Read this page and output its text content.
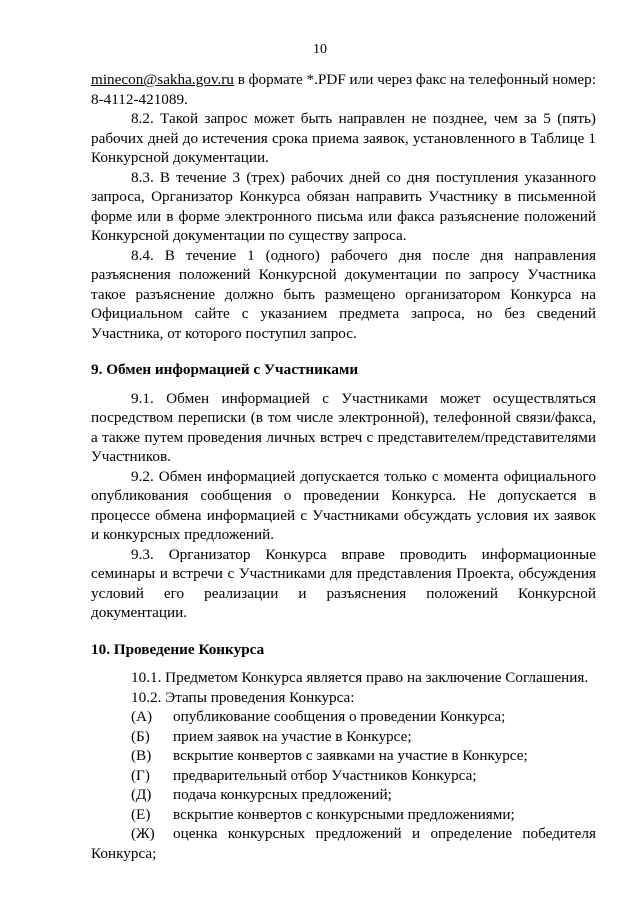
10

minecon@sakha.gov.ru в формате *.PDF или через факс на телефонный номер: 8-4112-421089.

8.2. Такой запрос может быть направлен не позднее, чем за 5 (пять) рабочих дней до истечения срока приема заявок, установленного в Таблице 1 Конкурсной документации.

8.3. В течение 3 (трех) рабочих дней со дня поступления указанного запроса, Организатор Конкурса обязан направить Участнику в письменной форме или в форме электронного письма или факса разъяснение положений Конкурсной документации по существу запроса.

8.4. В течение 1 (одного) рабочего дня после дня направления разъяснения положений Конкурсной документации по запросу Участника такое разъяснение должно быть размещено организатором Конкурса на Официальном сайте с указанием предмета запроса, но без сведений Участника, от которого поступил запрос.

9. Обмен информацией с Участниками

9.1. Обмен информацией с Участниками может осуществляться посредством переписки (в том числе электронной), телефонной связи/факса, а также путем проведения личных встреч с представителем/представителями Участников.

9.2. Обмен информацией допускается только с момента официального опубликования сообщения о проведении Конкурса. Не допускается в процессе обмена информацией с Участниками обсуждать условия их заявок и конкурсных предложений.

9.3. Организатор Конкурса вправе проводить информационные семинары и встречи с Участниками для представления Проекта, обсуждения условий его реализации и разъяснения положений Конкурсной документации.

10. Проведение Конкурса

10.1. Предметом Конкурса является право на заключение Соглашения.

10.2. Этапы проведения Конкурса:

(А)	опубликование сообщения о проведении Конкурса;
(Б)	прием заявок на участие в Конкурсе;
(В)	вскрытие конвертов с заявками на участие в Конкурсе;
(Г)	предварительный отбор Участников Конкурса;
(Д)	подача конкурсных предложений;
(Е)	вскрытие конвертов с конкурсными предложениями;
(Ж)	оценка конкурсных предложений и определение победителя

Конкурса;
